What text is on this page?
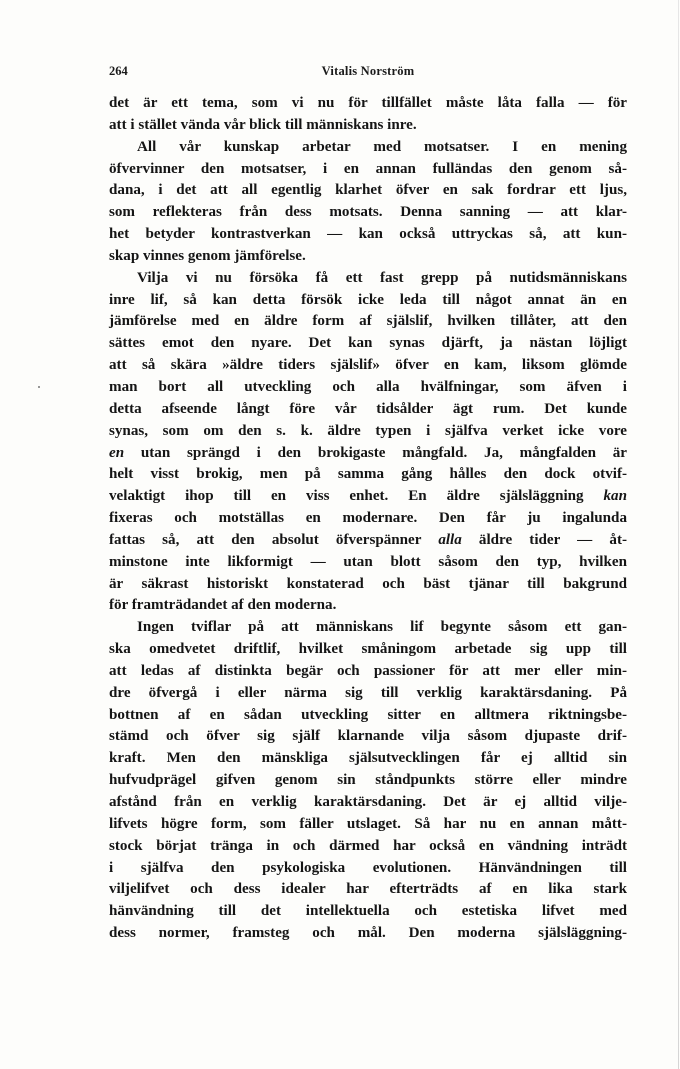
264	Vitalis Norström

det är ett tema, som vi nu för tillfället måste låta falla — för
att i stället vända vår blick till människans inre.

All vår kunskap arbetar med motsatser. I en mening
öfvervinner den motsatser, i en annan fulländas den genom så-
dana, i det att all egentlig klarhet öfver en sak fordrar ett ljus,
som reflekteras från dess motsats. Denna sanning — att klar-
het betyder kontrastverkan — kan också uttryckas så, att kun-
skap vinnes genom jämförelse.

Vilja vi nu försöka få ett fast grepp på nutidsmänniskans
inre lif, så kan detta försök icke leda till något annat än en
jämförelse med en äldre form af själslif, hvilken tillåter, att den
sättes emot den nyare. Det kan synas djärft, ja nästan löjligt
att så skära »äldre tiders själslif» öfver en kam, liksom glömde
man bort all utveckling och alla hvälfningar, som äfven i
detta afseende långt före vår tidsålder ägt rum. Det kunde
synas, som om den s. k. äldre typen i själfva verket icke vore
en utan sprängd i den brokigaste mångfald. Ja, mångfalden är
helt visst brokig, men på samma gång hålles den dock otvif-
velaktigt ihop till en viss enhet. En äldre själsläggning kan
fixeras och motställas en modernare. Den får ju ingalunda
fattas så, att den absolut öfverspänner alla äldre tider — åt-
minstone inte likformigt — utan blott såsom den typ, hvilken
är säkrast historiskt konstaterad och bäst tjänar till bakgrund
för framträdandet af den moderna.

Ingen tviflar på att människans lif begynte såsom ett gan-
ska omedvetet driftlif, hvilket småningom arbetade sig upp till
att ledas af distinkta begär och passioner för att mer eller min-
dre öfvergå i eller närma sig till verklig karaktärsdaning. På
bottnen af en sådan utveckling sitter en alltmera riktningsbe-
stämd och öfver sig själf klarnande vilja såsom djupaste drif-
kraft. Men den mänskliga själsutvecklingen får ej alltid sin
hufvudprägel gifven genom sin ståndpunkts större eller mindre
afstånd från en verklig karaktärsdaning. Det är ej alltid vilje-
lifvets högre form, som fäller utslaget. Så har nu en annan mått-
stock börjat tränga in och därmed har också en vändning inträdt
i själfva den psykologiska evolutionen. Hänvändningen till
viljelifvet och dess idealer har efterträdts af en lika stark
hänvändning till det intellektuella och estetiska lifvet med
dess normer, framsteg och mål. Den moderna själsläggning-
